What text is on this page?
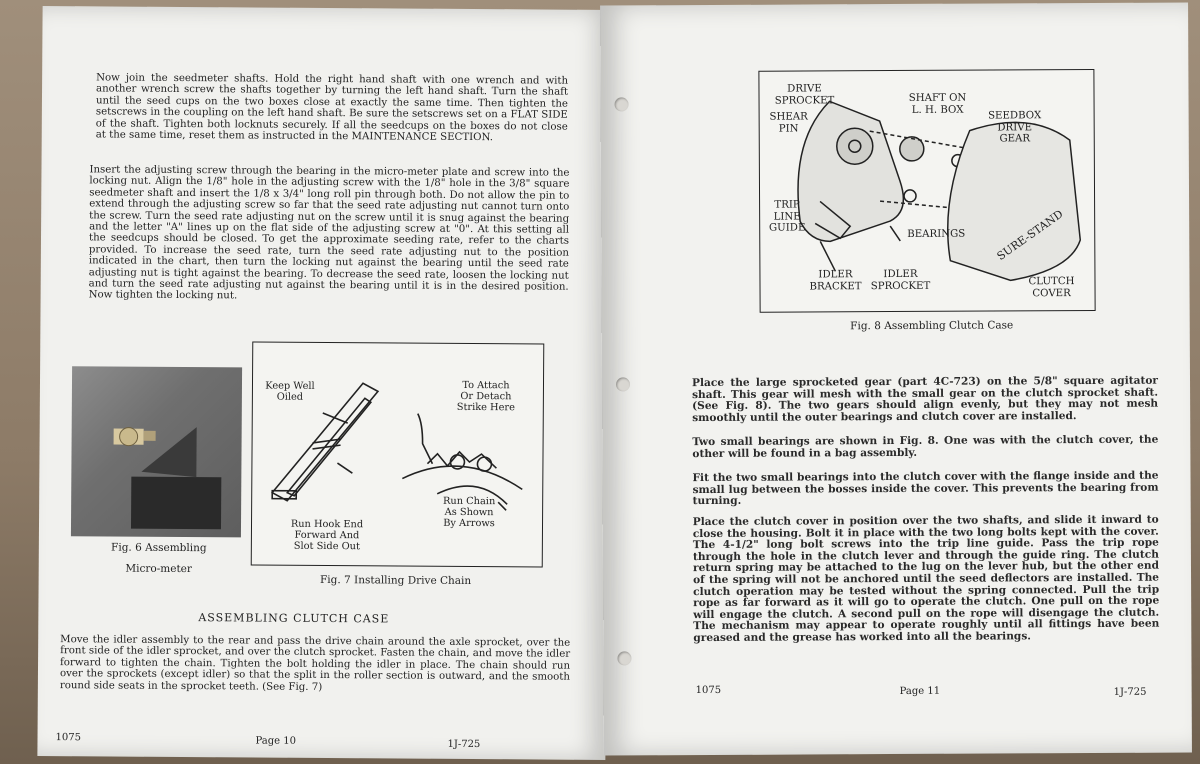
Now join the seedmeter shafts. Hold the right hand shaft with one wrench and with another wrench screw the shafts together by turning the left hand shaft. Turn the shaft until the seed cups on the two boxes close at exactly the same time. Then tighten the setscrews in the coupling on the left hand shaft. Be sure the setscrews set on a FLAT SIDE of the shaft. Tighten both locknuts securely. If all the seedcups on the boxes do not close at the same time, reset them as instructed in the MAINTENANCE SECTION.

Insert the adjusting screw through the bearing in the micro-meter plate and screw into the locking nut. Align the 1/8" hole in the adjusting screw with the 1/8" hole in the 3/8" square seedmeter shaft and insert the 1/8 x 3/4" long roll pin through both. Do not allow the pin to extend through the adjusting screw so far that the seed rate adjusting nut cannot turn onto the screw. Turn the seed rate adjusting nut on the screw until it is snug against the bearing and the letter "A" lines up on the flat side of the adjusting screw at "0". At this setting all the seedcups should be closed. To get the approximate seeding rate, refer to the charts provided. To increase the seed rate, turn the seed rate adjusting nut to the position indicated in the chart, then turn the locking nut against the bearing until the seed rate adjusting nut is tight against the bearing. To decrease the seed rate, loosen the locking nut and turn the seed rate adjusting nut against the bearing until it is in the desired position. Now tighten the locking nut.

Fig. 6 Assembling
Micro-meter
Keep Well
Oiled
To Attach
Or Detach
Strike Here
Run Chain
As Shown
By Arrows
Run Hook End
Forward And
Slot Side Out
Fig. 7 Installing Drive Chain
ASSEMBLING CLUTCH CASE

Move the idler assembly to the rear and pass the drive chain around the axle sprocket, over the front side of the idler sprocket, and over the clutch sprocket. Fasten the chain, and move the idler forward to tighten the chain. Tighten the bolt holding the idler in place. The chain should run over the sprockets (except idler) so that the split in the roller section is outward, and the smooth round side seats in the sprocket teeth. (See Fig. 7)

1075	Page 10	1J-725
SURE-STAND
DRIVE
SPROCKET
SHEAR
PIN
SHAFT ON
L. H. BOX
SEEDBOX
DRIVE
GEAR
TRIP
LINE
GUIDE
BEARINGS
IDLER
BRACKET
IDLER
SPROCKET	CLUTCH
COVER
Fig. 8 Assembling Clutch Case

Place the large sprocketed gear (part 4C-723) on the 5/8" square agitator shaft. This gear will mesh with the small gear on the clutch sprocket shaft. (See Fig. 8). The two gears should align evenly, but they may not mesh smoothly until the outer bearings and clutch cover are installed.

Two small bearings are shown in Fig. 8. One was with the clutch cover, the other will be found in a bag assembly.

Fit the two small bearings into the clutch cover with the flange inside and the small lug between the bosses inside the cover. This prevents the bearing from turning.

Place the clutch cover in position over the two shafts, and slide it inward to close the housing. Bolt it in place with the two long bolts kept with the cover. The 4-1/2" long bolt screws into the trip line guide. Pass the trip rope through the hole in the clutch lever and through the guide ring. The clutch return spring may be attached to the lug on the lever hub, but the other end of the spring will not be anchored until the seed deflectors are installed. The clutch operation may be tested without the spring connected. Pull the trip rope as far forward as it will go to operate the clutch. One pull on the rope will engage the clutch. A second pull on the rope will disengage the clutch. The mechanism may appear to operate roughly until all fittings have been greased and the grease has worked into all the bearings.

1075	Page 11	1J-725
